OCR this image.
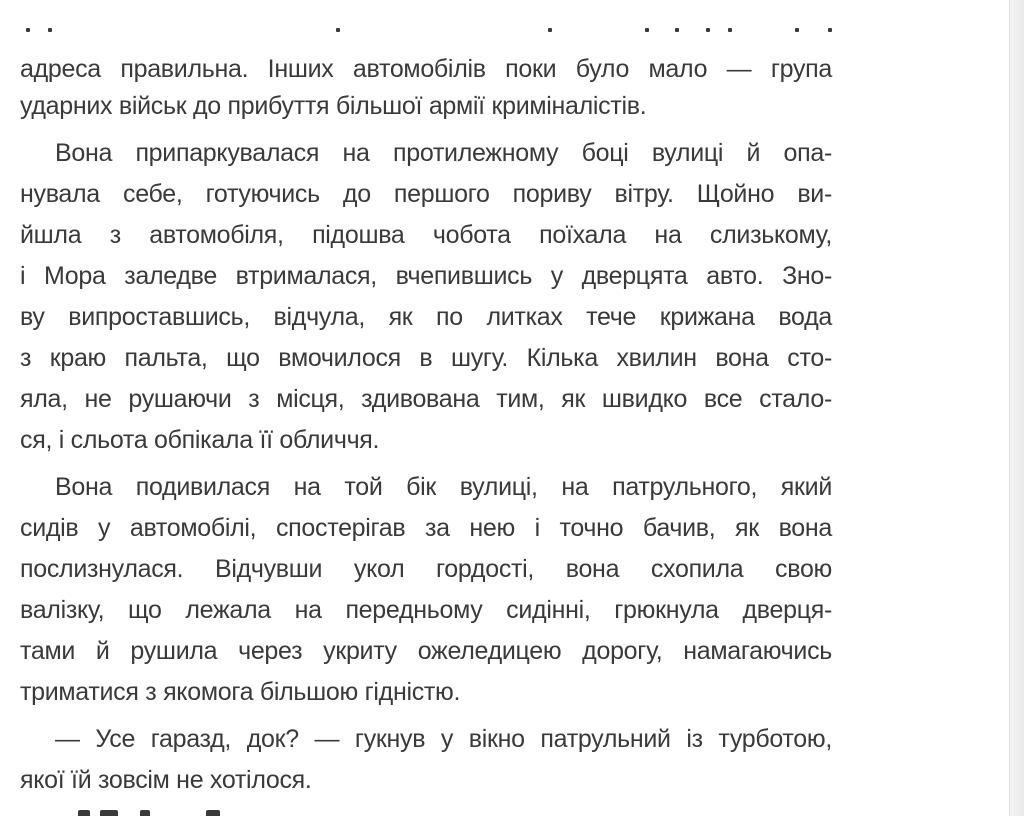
адреса правильна. Інших автомобілів поки було мало — група
ударних військ до прибуття більшої армії криміналістів.
Вона припаркувалася на протилежному боці вулиці й опа-
нувала себе, готуючись до першого пориву вітру. Щойно ви-
йшла з автомобіля, підошва чобота поїхала на слизькому,
і Мора заледве втрималася, вчепившись у дверцята авто. Зно-
ву випроставшись, відчула, як по литках тече крижана вода
з краю пальта, що вмочилося в шугу. Кілька хвилин вона сто-
яла, не рушаючи з місця, здивована тим, як швидко все стало-
ся, і сльота обпікала її обличчя.
Вона подивилася на той бік вулиці, на патрульного, який
сидів у автомобілі, спостерігав за нею і точно бачив, як вона
послизнулася. Відчувши укол гордості, вона схопила свою
валізку, що лежала на передньому сидінні, грюкнула дверця-
тами й рушила через укриту ожеледицею дорогу, намагаючись
триматися з якомога більшою гідністю.
— Усе гаразд, док? — гукнув у вікно патрульний із турботою,
якої їй зовсім не хотілося.
